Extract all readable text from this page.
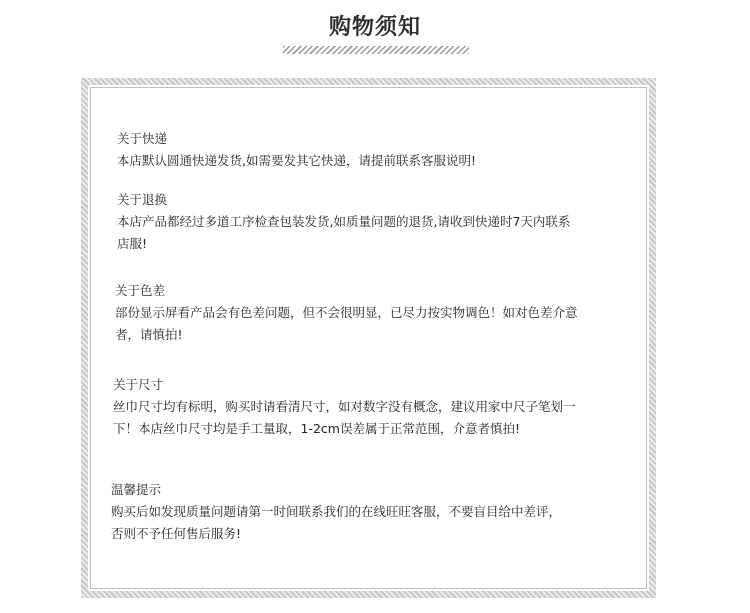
购物须知
关于快递
本店默认圆通快递发货,如需要发其它快递，请提前联系客服说明!
关于退换
本店产品都经过多道工序检查包装发货,如质量问题的退货,请收到快递时7天内联系
店服!
关于色差
部份显示屏看产品会有色差问题，但不会很明显，已尽力按实物调色！如对色差介意
者，请慎拍!
关于尺寸
丝巾尺寸均有标明，购买时请看清尺寸，如对数字没有概念，建议用家中尺子笔划一
下！本店丝巾尺寸均是手工量取，1-2cm误差属于正常范围，介意者慎拍!
温馨提示
购买后如发现质量问题请第一时间联系我们的在线旺旺客服，不要盲目给中差评，
否则不予任何售后服务!
